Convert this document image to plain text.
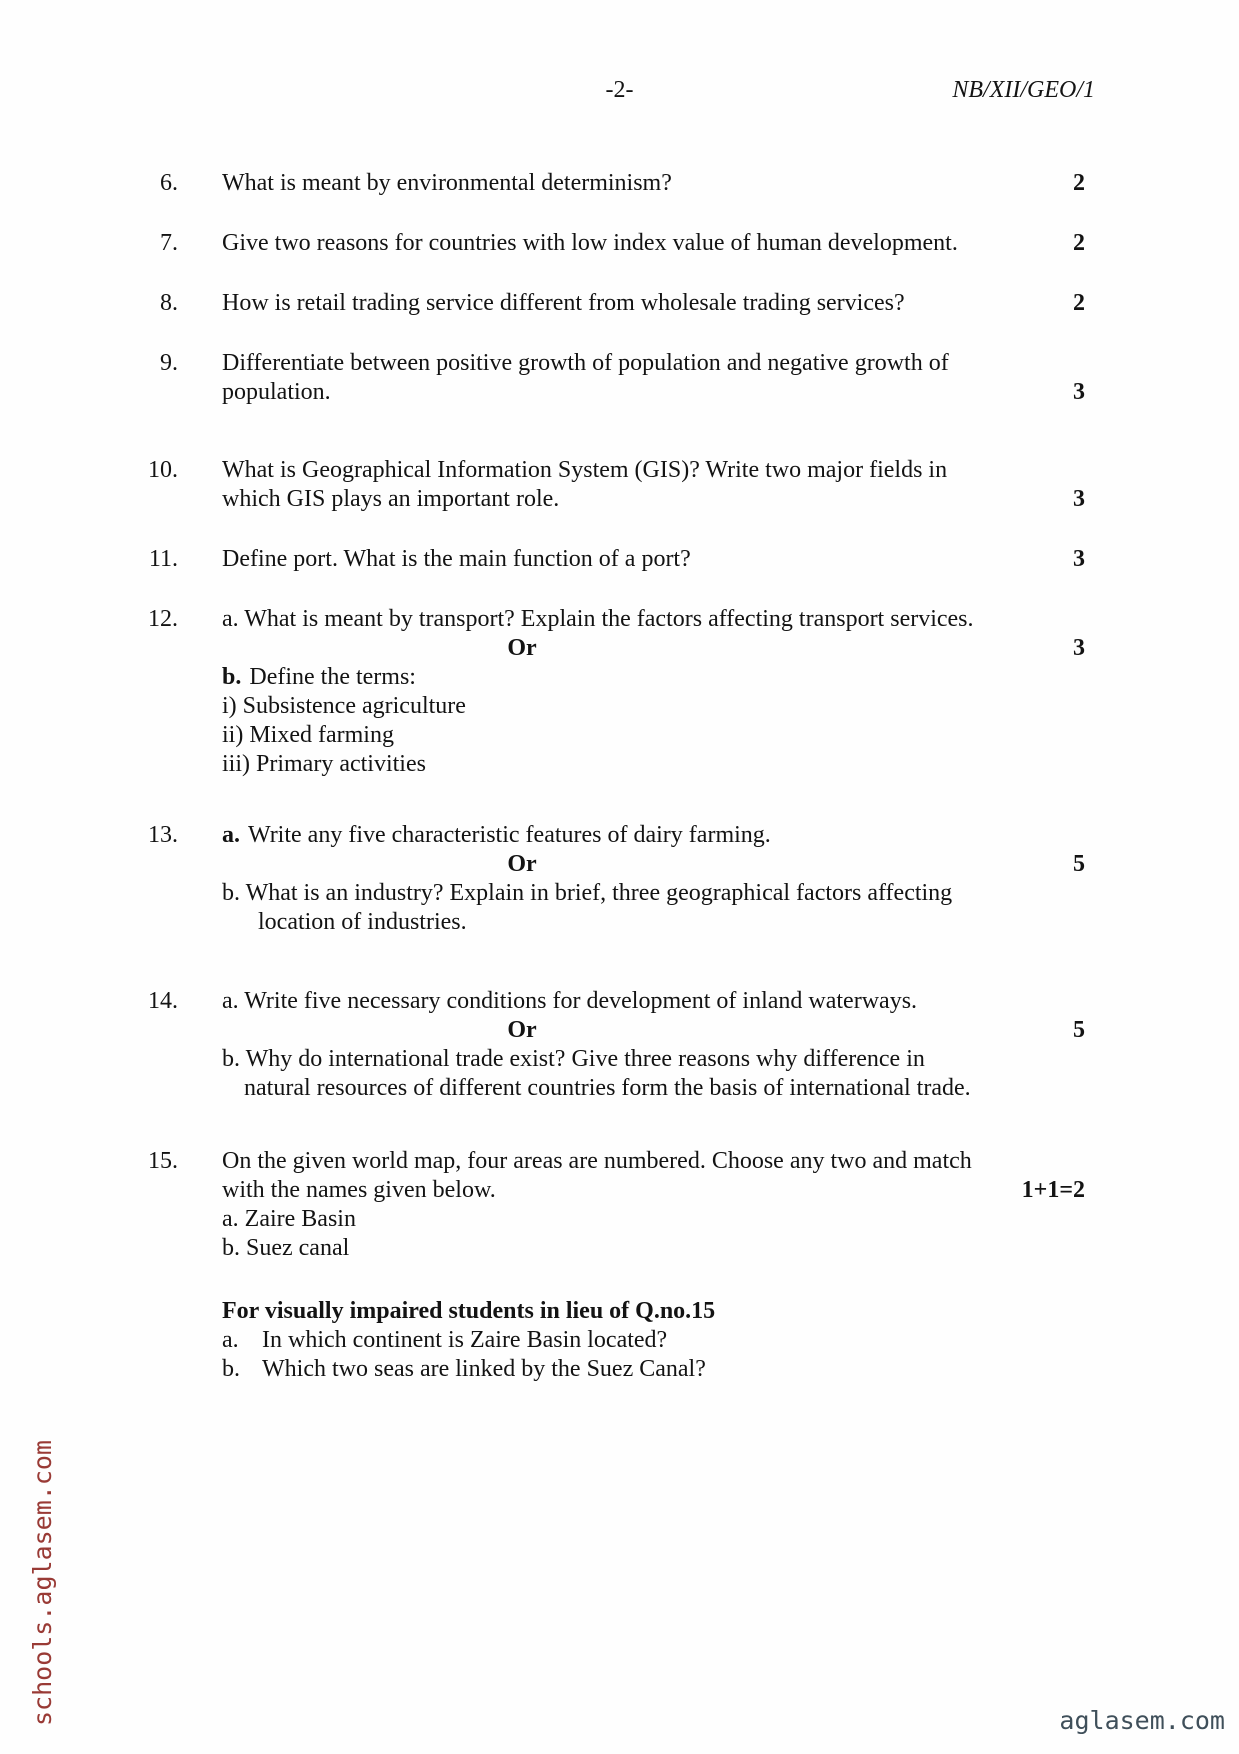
-2-	NB/XII/GEO/1
6. What is meant by environmental determinism?	2
7. Give two reasons for countries with low index value of human development.	2
8. How is retail trading service different from wholesale trading services?	2
9. Differentiate between positive growth of population and negative growth of
population.	3
10. What is Geographical Information System (GIS)? Write two major fields in
which GIS plays an important role.	3
11. Define port. What is the main function of a port?	3
12. a. What is meant by transport? Explain the factors affecting transport services.
Or	3
b. Define the terms:
i) Subsistence agriculture
ii) Mixed farming
iii) Primary activities
13. a. Write any five characteristic features of dairy farming.
Or	5
b. What is an industry? Explain in brief, three geographical factors affecting
location of industries.
14. a. Write five necessary conditions for development of inland waterways.
Or	5
b. Why do international trade exist? Give three reasons why difference in
natural resources of different countries form the basis of international trade.
15. On the given world map, four areas are numbered. Choose any two and match
with the names given below.	1+1=2
a. Zaire Basin
b. Suez canal
For visually impaired students in lieu of Q.no.15
a. In which continent is Zaire Basin located?
b. Which two seas are linked by the Suez Canal?
schools.aglasem.com	aglasem.com
